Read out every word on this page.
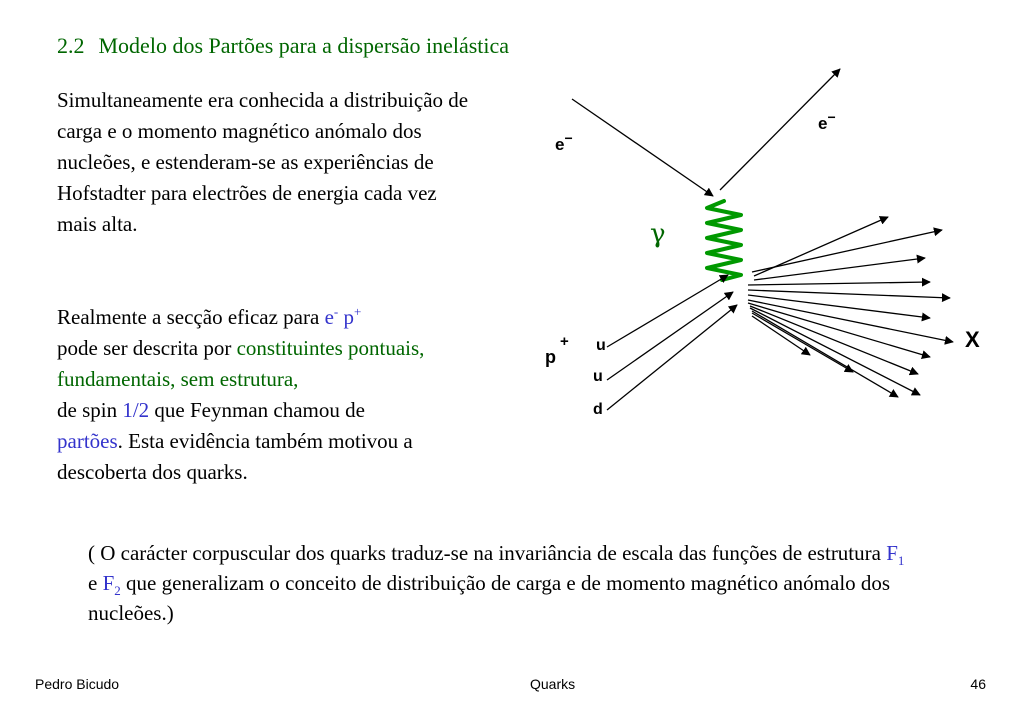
2.2 Modelo dos Partões para a dispersão inelástica
Simultaneamente era conhecida a distribuição de carga e o momento magnético anómalo dos nucleões, e estenderam-se as experiências de Hofstadter para electrões de energia cada vez mais alta.
Realmente a secção eficaz para e- p+
pode ser descrita por constituintes pontuais, fundamentais, sem estrutura,
de spin 1/2 que Feynman chamou de
partões. Esta evidência também motivou a descoberta dos quarks.
( O carácter corpuscular dos quarks traduz-se na invariância de escala das funções de estrutura $F_1$ e $F_2$ que generalizam o conceito de distribuição de carga e de momento magnético anómalo dos nucleões.)
e−
e−
γ
p+ u
u
d
X
Pedro Bicudo	Quarks	46
